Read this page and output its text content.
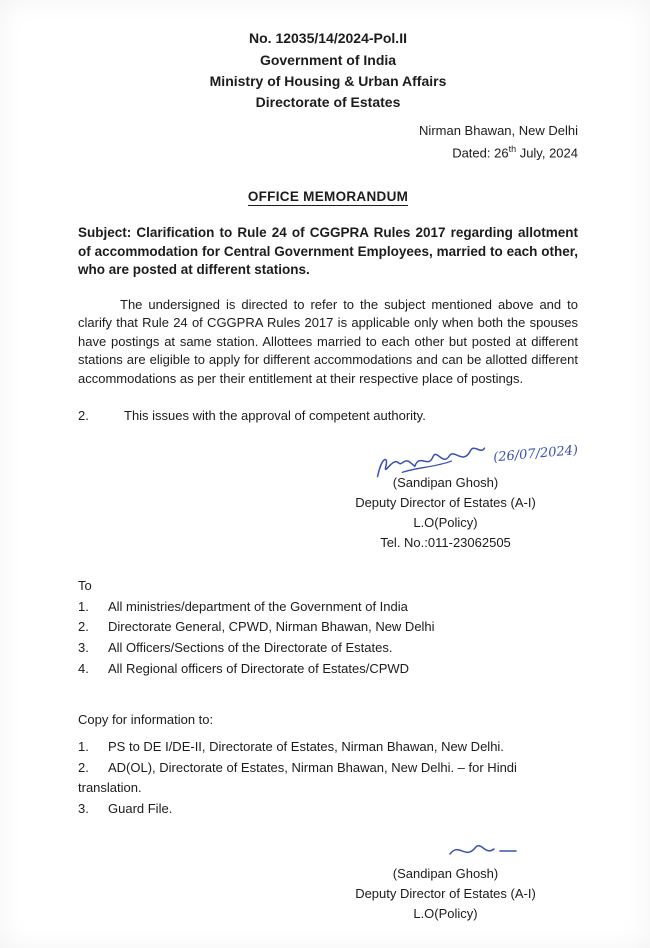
No. 12035/14/2024-Pol.II
Government of India
Ministry of Housing & Urban Affairs
Directorate of Estates
Nirman Bhawan, New Delhi
Dated: 26th July, 2024
OFFICE MEMORANDUM

Subject: Clarification to Rule 24 of CGGPRA Rules 2017 regarding allotment of accommodation for Central Government Employees, married to each other, who are posted at different stations.

The undersigned is directed to refer to the subject mentioned above and to clarify that Rule 24 of CGGPRA Rules 2017 is applicable only when both the spouses have postings at same station. Allottees married to each other but posted at different stations are eligible to apply for different accommodations and can be allotted different accommodations as per their entitlement at their respective place of postings.

2.	This issues with the approval of competent authority.
(26/07/2024)
(Sandipan Ghosh)
Deputy Director of Estates (A-I)
L.O(Policy)
Tel. No.:011-23062505
To
1. All ministries/department of the Government of India
2. Directorate General, CPWD, Nirman Bhawan, New Delhi
3. All Officers/Sections of the Directorate of Estates.
4. All Regional officers of Directorate of Estates/CPWD
Copy for information to:
1. PS to DE I/DE-II, Directorate of Estates, Nirman Bhawan, New Delhi.
2. AD(OL), Directorate of Estates, Nirman Bhawan, New Delhi. – for Hindi translation.
3. Guard File.
(Sandipan Ghosh)
Deputy Director of Estates (A-I)
L.O(Policy)
